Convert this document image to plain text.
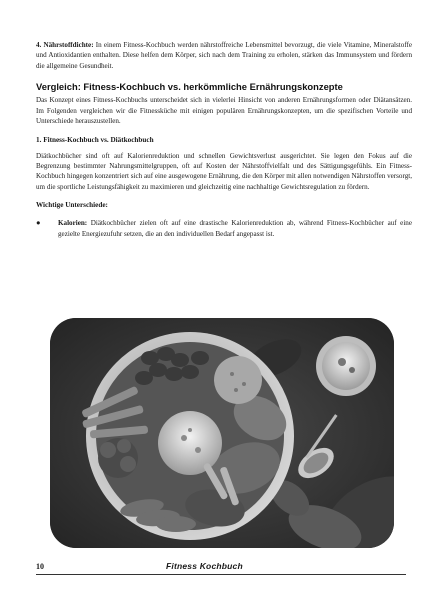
4. Nährstoffdichte: In einem Fitness-Kochbuch werden nährstoffreiche Lebensmittel bevorzugt, die viele Vitamine, Mineralstoffe und Antioxidantien enthalten. Diese helfen dem Körper, sich nach dem Training zu erholen, stärken das Immunsystem und fördern die allgemeine Gesundheit.

Vergleich: Fitness-Kochbuch vs. herkömmliche Ernährungskonzepte

Das Konzept eines Fitness-Kochbuchs unterscheidet sich in vielerlei Hinsicht von anderen Ernährungsformen oder Diätansätzen. Im Folgenden vergleichen wir die Fitnessküche mit einigen populären Ernährungskonzepten, um die spezifischen Vorteile und Unterschiede herauszustellen.

1. Fitness-Kochbuch vs. Diätkochbuch

Diätkochbücher sind oft auf Kalorienreduktion und schnellen Gewichtsverlust ausgerichtet. Sie legen den Fokus auf die Begrenzung bestimmter Nahrungsmittelgruppen, oft auf Kosten der Nährstoffvielfalt und des Sättigungsgefühls. Ein Fitness-Kochbuch hingegen konzentriert sich auf eine ausgewogene Ernährung, die den Körper mit allen notwendigen Nährstoffen versorgt, um die sportliche Leistungsfähigkeit zu maximieren und gleichzeitig eine nachhaltige Gewichtsregulation zu fördern.

Wichtige Unterschiede:

●	Kalorien: Diätkochbücher zielen oft auf eine drastische Kalorienreduktion ab, während Fitness-Kochbücher auf eine gezielte Energiezufuhr setzen, die an den individuellen Bedarf angepasst ist.

10	Fitness Kochbuch
